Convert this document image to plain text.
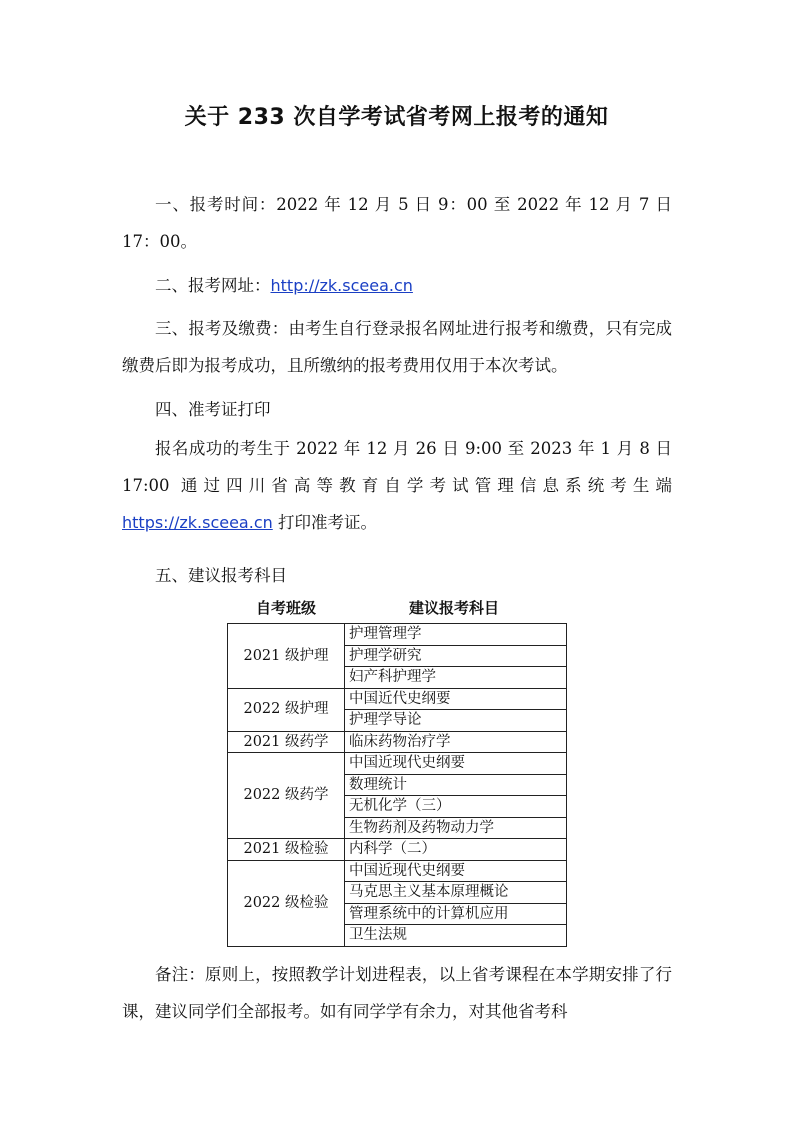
关于 233 次自学考试省考网上报考的通知

一、报考时间：2022 年 12 月 5 日 9：00 至 2022 年 12 月 7 日 17：00。

二、报考网址：http://zk.sceea.cn

三、报考及缴费：由考生自行登录报名网址进行报考和缴费，只有完成缴费后即为报考成功，且所缴纳的报考费用仅用于本次考试。

四、准考证打印

报名成功的考生于 2022 年 12 月 26 日 9:00 至 2023 年 1 月 8 日 17:00 通过四川省高等教育自学考试管理信息系统考生端

https://zk.sceea.cn 打印准考证。

五、建议报考科目

自考班级	建议报考科目
2021 级护理	护理管理学
	护理学研究
	妇产科护理学
2022 级护理	中国近代史纲要
	护理学导论
2021 级药学	临床药物治疗学
2022 级药学	中国近现代史纲要
	数理统计
	无机化学（三）
	生物药剂及药物动力学
2021 级检验	内科学（二）
2022 级检验	中国近现代史纲要
	马克思主义基本原理概论
	管理系统中的计算机应用
	卫生法规

备注：原则上，按照教学计划进程表，以上省考课程在本学期安排了行课，建议同学们全部报考。如有同学学有余力，对其他省考科
